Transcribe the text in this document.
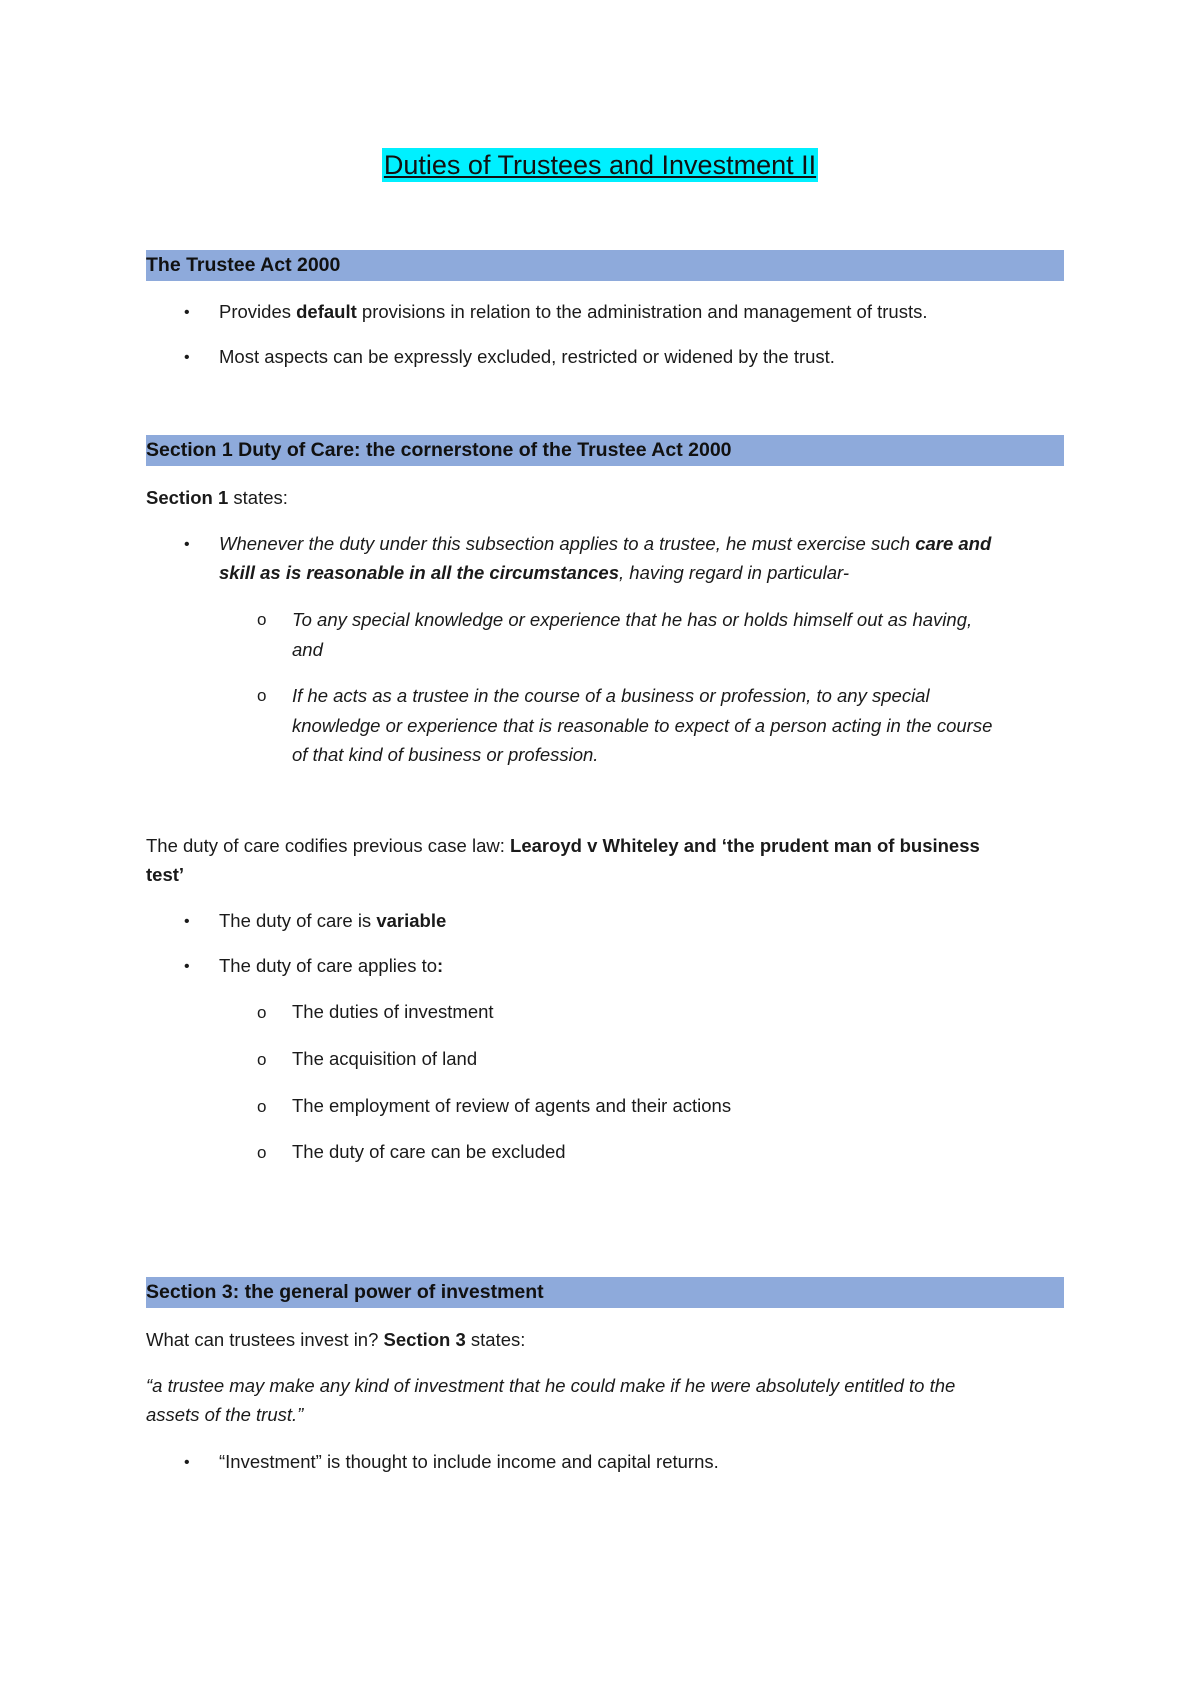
Duties of Trustees and Investment II
The Trustee Act 2000
• Provides default provisions in relation to the administration and management of trusts.
• Most aspects can be expressly excluded, restricted or widened by the trust.
Section 1 Duty of Care: the cornerstone of the Trustee Act 2000
Section 1 states:
• Whenever the duty under this subsection applies to a trustee, he must exercise such care and
skill as is reasonable in all the circumstances, having regard in particular-
o To any special knowledge or experience that he has or holds himself out as having,
and
o If he acts as a trustee in the course of a business or profession, to any special
knowledge or experience that is reasonable to expect of a person acting in the course
of that kind of business or profession.
The duty of care codifies previous case law: Learoyd v Whiteley and ‘the prudent man of business
test’
• The duty of care is variable
• The duty of care applies to:
o The duties of investment
o The acquisition of land
o The employment of review of agents and their actions
o The duty of care can be excluded
Section 3: the general power of investment
What can trustees invest in? Section 3 states:
“a trustee may make any kind of investment that he could make if he were absolutely entitled to the
assets of the trust.”
• “Investment” is thought to include income and capital returns.
